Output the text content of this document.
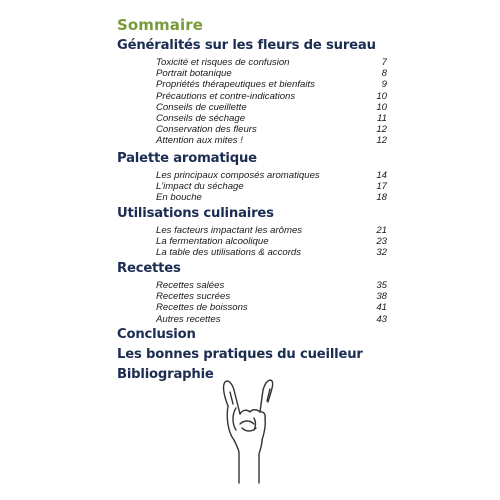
Sommaire
Généralités sur les fleurs de sureau
Toxicité et risques de confusion	7
Portrait botanique	8
Propriétés thérapeutiques et bienfaits	9
Précautions et contre-indications	10
Conseils de cueillette	10
Conseils de séchage	11
Conservation des fleurs	12
Attention aux mites !	12
Palette aromatique
Les principaux composés aromatiques	14
L'impact du séchage	17
En bouche	18
Utilisations culinaires
Les facteurs impactant les arômes	21
La fermentation alcoolique	23
La table des utilisations & accords	32
Recettes
Recettes salées	35
Recettes sucrées	38
Recettes de boissons	41
Autres recettes	43
Conclusion
Les bonnes pratiques du cueilleur
Bibliographie
